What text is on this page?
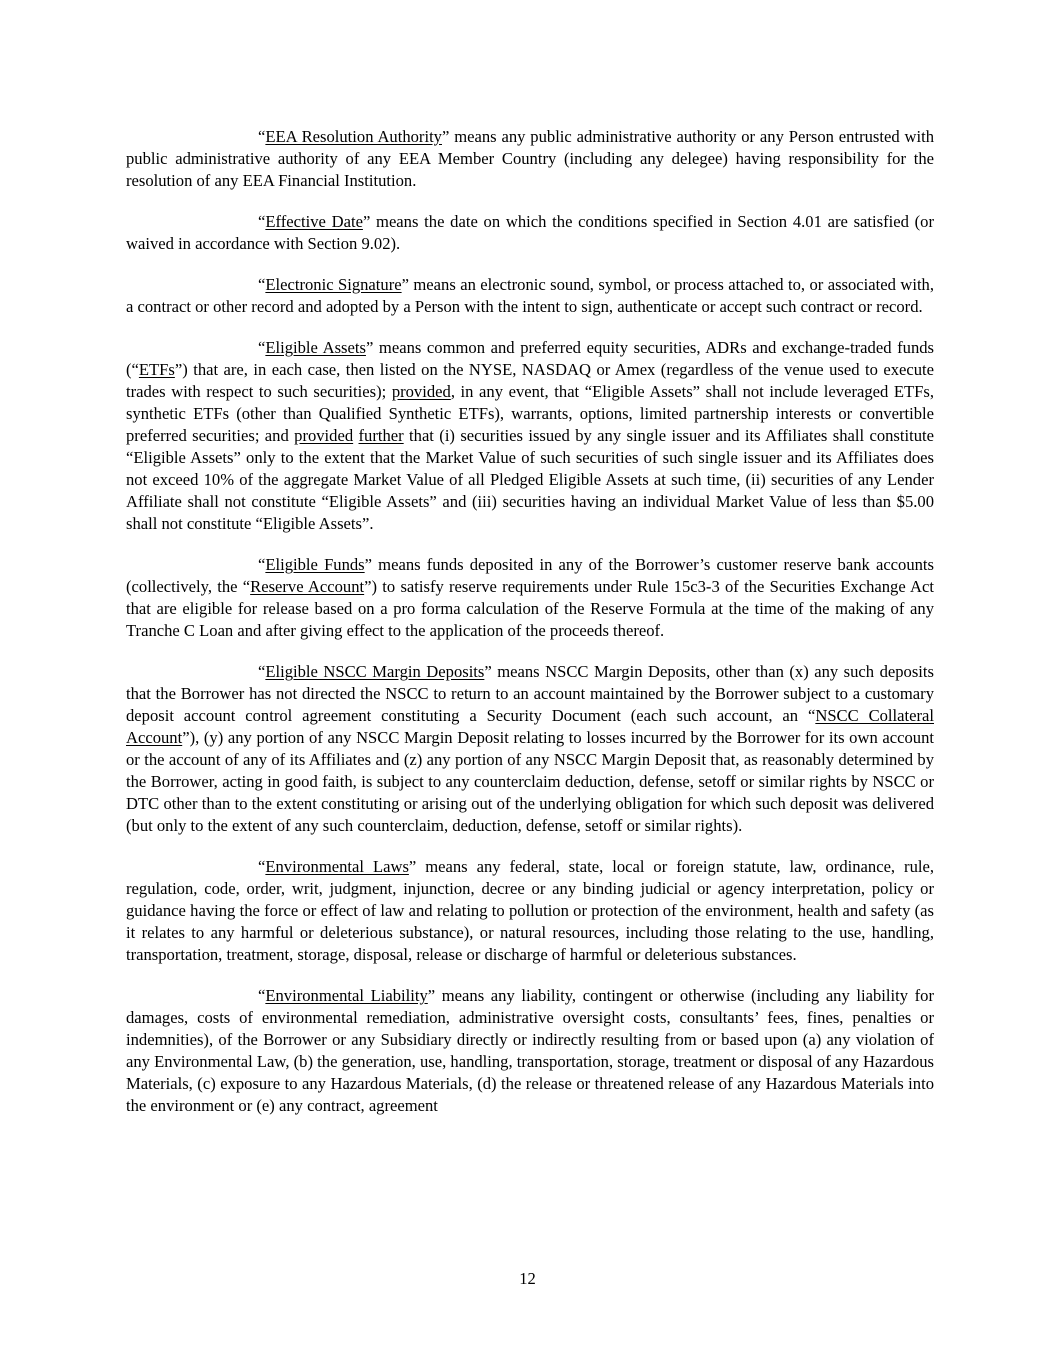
“EEA Resolution Authority” means any public administrative authority or any Person entrusted with public administrative authority of any EEA Member Country (including any delegee) having responsibility for the resolution of any EEA Financial Institution.

“Effective Date” means the date on which the conditions specified in Section 4.01 are satisfied (or waived in accordance with Section 9.02).

“Electronic Signature” means an electronic sound, symbol, or process attached to, or associated with, a contract or other record and adopted by a Person with the intent to sign, authenticate or accept such contract or record.

“Eligible Assets” means common and preferred equity securities, ADRs and exchange-traded funds (“ETFs”) that are, in each case, then listed on the NYSE, NASDAQ or Amex (regardless of the venue used to execute trades with respect to such securities); provided, in any event, that “Eligible Assets” shall not include leveraged ETFs, synthetic ETFs (other than Qualified Synthetic ETFs), warrants, options, limited partnership interests or convertible preferred securities; and provided further that (i) securities issued by any single issuer and its Affiliates shall constitute “Eligible Assets” only to the extent that the Market Value of such securities of such single issuer and its Affiliates does not exceed 10% of the aggregate Market Value of all Pledged Eligible Assets at such time, (ii) securities of any Lender Affiliate shall not constitute “Eligible Assets” and (iii) securities having an individual Market Value of less than $5.00 shall not constitute “Eligible Assets”.

“Eligible Funds” means funds deposited in any of the Borrower’s customer reserve bank accounts (collectively, the “Reserve Account”) to satisfy reserve requirements under Rule 15c3-3 of the Securities Exchange Act that are eligible for release based on a pro forma calculation of the Reserve Formula at the time of the making of any Tranche C Loan and after giving effect to the application of the proceeds thereof.

“Eligible NSCC Margin Deposits” means NSCC Margin Deposits, other than (x) any such deposits that the Borrower has not directed the NSCC to return to an account maintained by the Borrower subject to a customary deposit account control agreement constituting a Security Document (each such account, an “NSCC Collateral Account”), (y) any portion of any NSCC Margin Deposit relating to losses incurred by the Borrower for its own account or the account of any of its Affiliates and (z) any portion of any NSCC Margin Deposit that, as reasonably determined by the Borrower, acting in good faith, is subject to any counterclaim deduction, defense, setoff or similar rights by NSCC or DTC other than to the extent constituting or arising out of the underlying obligation for which such deposit was delivered (but only to the extent of any such counterclaim, deduction, defense, setoff or similar rights).

“Environmental Laws” means any federal, state, local or foreign statute, law, ordinance, rule, regulation, code, order, writ, judgment, injunction, decree or any binding judicial or agency interpretation, policy or guidance having the force or effect of law and relating to pollution or protection of the environment, health and safety (as it relates to any harmful or deleterious substance), or natural resources, including those relating to the use, handling, transportation, treatment, storage, disposal, release or discharge of harmful or deleterious substances.

“Environmental Liability” means any liability, contingent or otherwise (including any liability for damages, costs of environmental remediation, administrative oversight costs, consultants’ fees, fines, penalties or indemnities), of the Borrower or any Subsidiary directly or indirectly resulting from or based upon (a) any violation of any Environmental Law, (b) the generation, use, handling, transportation, storage, treatment or disposal of any Hazardous Materials, (c) exposure to any Hazardous Materials, (d) the release or threatened release of any Hazardous Materials into the environment or (e) any contract, agreement

12
